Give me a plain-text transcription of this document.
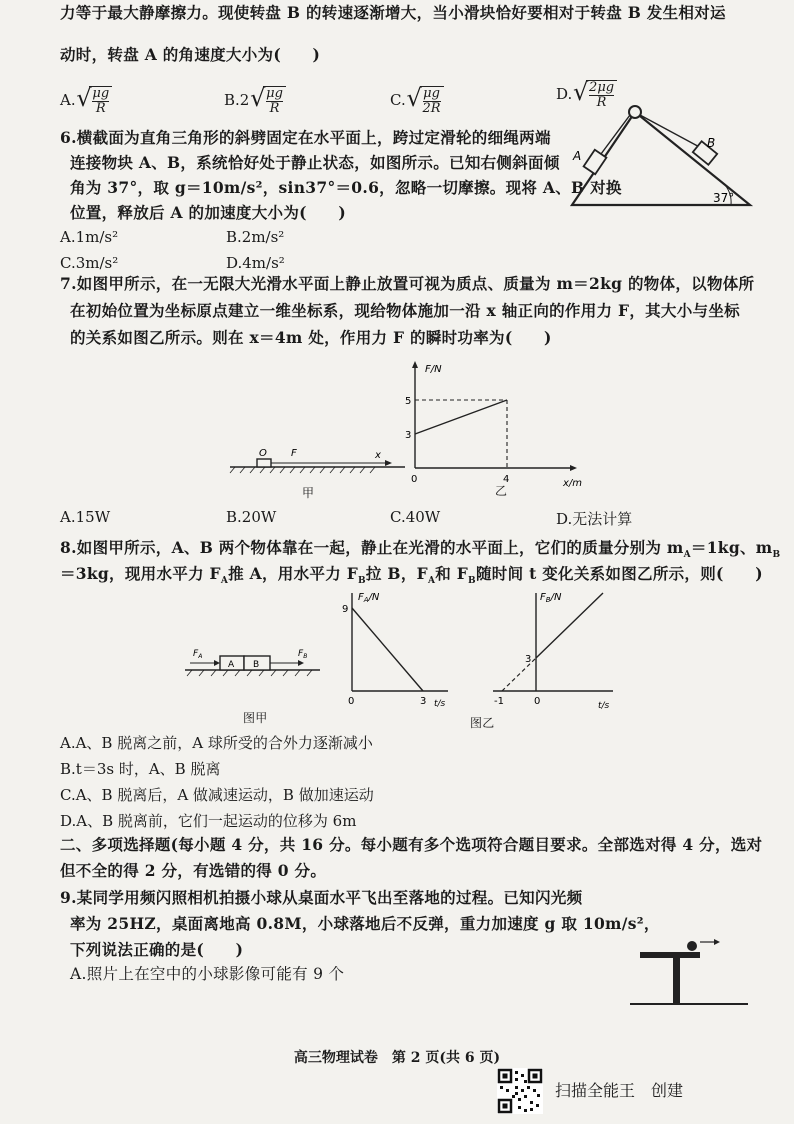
力等于最大静摩擦力。现使转盘 B 的转速逐渐增大，当小滑块恰好要相对于转盘 B 发生相对运
动时，转盘 A 的角速度大小为(　　)
A. √ $\frac{\mu g}{R}$	B.2 √ $\frac{\mu g}{R}$	C. √ $\frac{\mu g}{2R}$	D. √ $\frac{2\mu g}{R}$
6.横截面为直角三角形的斜劈固定在水平面上，跨过定滑轮的细绳两端
连接物块 A、B，系统恰好处于静止状态，如图所示。已知右侧斜面倾
角为 37°，取 g＝10m/s²，sin37°＝0.6，忽略一切摩擦。现将 A、B 对换
位置，释放后 A 的加速度大小为(　　)
A.1m/s²	B.2m/s²
C.3m/s²	D.4m/s²
A
B
37°
7.如图甲所示，在一无限大光滑水平面上静止放置可视为质点、质量为 m＝2kg 的物体，以物体所
在初始位置为坐标原点建立一维坐标系，现给物体施加一沿 x 轴正向的作用力 F，其大小与坐标
的关系如图乙所示。则在 x＝4m 处，作用力 F 的瞬时功率为(　　)
O F	x
甲
F/N
5
3
0	4	x/m
乙
A.15W	B.20W	C.40W	D.无法计算
8.如图甲所示，A、B 两个物体靠在一起，静止在光滑的水平面上，它们的质量分别为 $m_A=1kg$、$m_B$
＝3kg，现用水平力 $F_A$推 A，用水平力 $F_B$拉 B，$F_A$和 $F_B$随时间 t 变化关系如图乙所示，则(　　)
$F_A$	$F_B$
A B
图甲
$F_A/N$
9
0	3 t/s
$F_B/N$
3
-1	0	t/s
图乙
A.A、B 脱离之前，A 球所受的合外力逐渐减小
B.t＝3s 时，A、B 脱离
C.A、B 脱离后，A 做减速运动，B 做加速运动
D.A、B 脱离前，它们一起运动的位移为 6m
二、多项选择题(每小题 4 分，共 16 分。每小题有多个选项符合题目要求。全部选对得 4 分，选对
但不全的得 2 分，有选错的得 0 分。
9.某同学用频闪照相机拍摄小球从桌面水平飞出至落地的过程。已知闪光频
率为 25HZ，桌面离地高 0.8M，小球落地后不反弹，重力加速度 g 取 10m/s²，
下列说法正确的是(　　)
A.照片上在空中的小球影像可能有 9 个
高三物理试卷　第 2 页(共 6 页)
扫描全能王　创建
